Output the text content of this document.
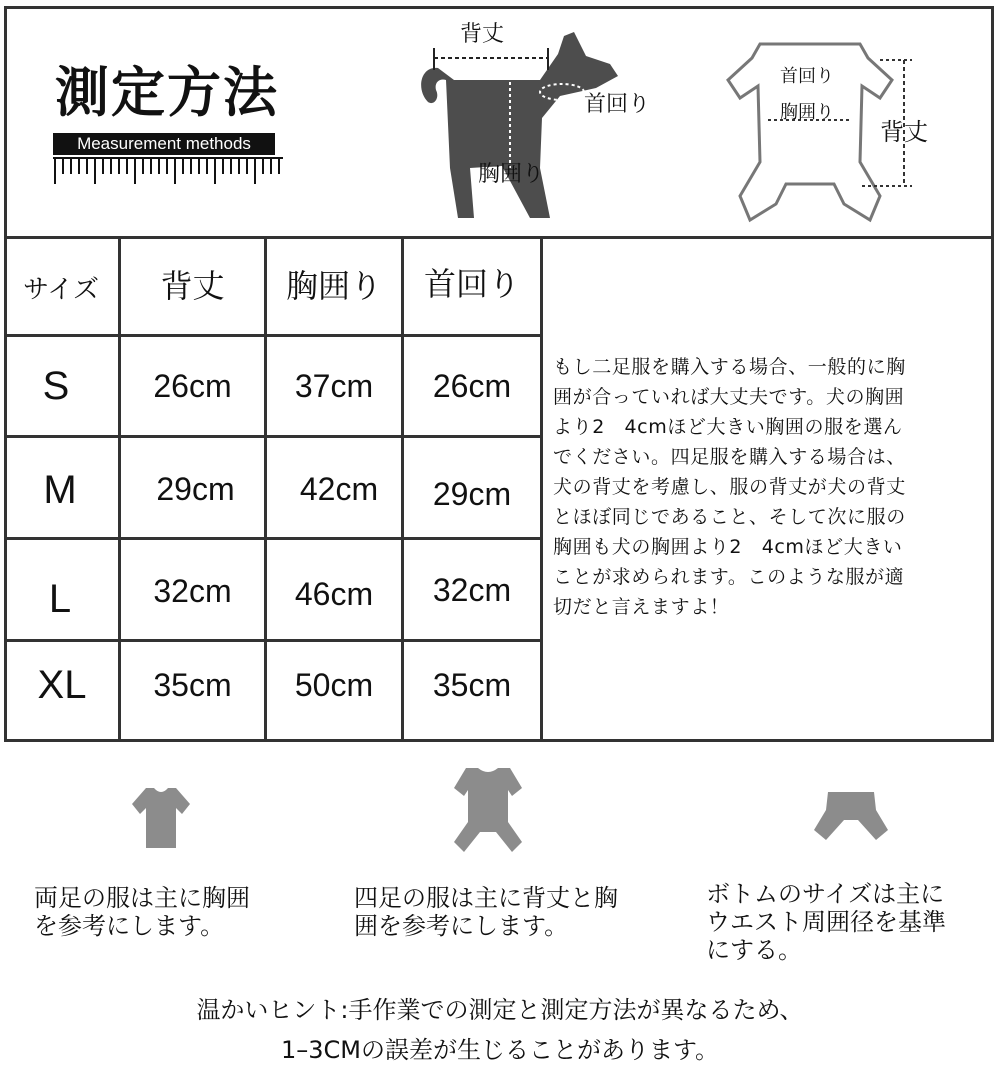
測定方法
Measurement methods
背丈
首回り
胸囲り
首回り
胸囲り
背丈
サイズ	背丈	胸囲り	首回り
S	26cm	37cm	26cm
M	29cm	42cm	29cm
L	32cm	46cm	32cm
XL	35cm	50cm	35cm
もし二足服を購入する場合、一般的に胸
囲が合っていれば大丈夫です。犬の胸囲
より2　4cmほど大きい胸囲の服を選ん
でください。四足服を購入する場合は、
犬の背丈を考慮し、服の背丈が犬の背丈
とほぼ同じであること、そして次に服の
胸囲も犬の胸囲より2　4cmほど大きい
ことが求められます。このような服が適
切だと言えますよ！
両足の服は主に胸囲
を参考にします。
四足の服は主に背丈と胸
囲を参考にします。
ボトムのサイズは主に
ウエスト周囲径を基準
にする。
温かいヒント:手作業での測定と測定方法が異なるため、
1–3CMの誤差が生じることがあります。
